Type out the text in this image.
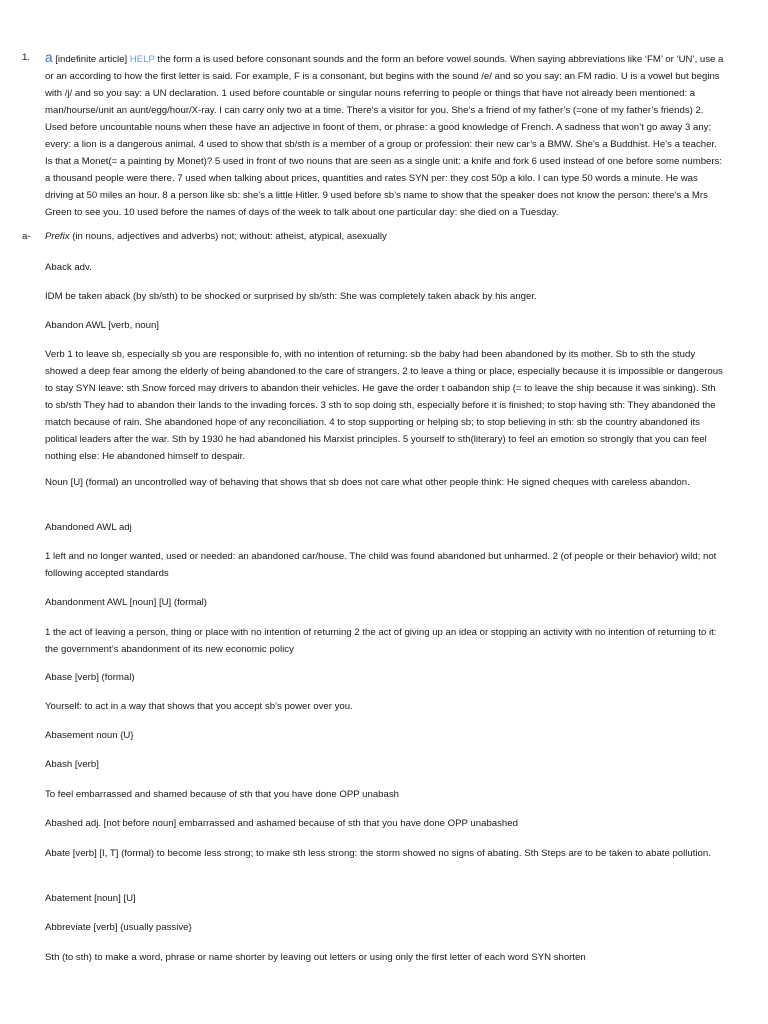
1. a [indefinite article] HELP the form a is used before consonant sounds and the form an before vowel sounds. When saying abbreviations like ‘FM’ or ‘UN’, use a or an according to how the first letter is said. For example, F is a consonant, but begins with the sound /e/ and so you say: an FM radio. U is a vowel but begins with /j/ and so you say: a UN declaration. 1 used before countable or singular nouns referring to people or things that have not already been mentioned: a man/hourse/unit an aunt/egg/hour/X-ray. I can carry only two at a time. There’s a visitor for you. She’s a friend of my father’s (=one of my father’s friends) 2. Used before uncountable nouns when these have an adjective in foont of them, or phrase: a good knowledge of French. A sadness that won’t go away 3 any; every: a lion is a dangerous animal. 4 used to show that sb/sth is a member of a group or profession: their new car’s a BMW. She’s a Buddhist. He’s a teacher. Is that a Monet(= a painting by Monet)? 5 used in front of two nouns that are seen as a single unit: a knife and fork 6 used instead of one before some numbers: a thousand people were there. 7 used when talking about prices, quantities and rates SYN per: they cost 50p a kilo. I can type 50 words a minute. He was driving at 50 miles an hour. 8 a person like sb: she’s a little Hitler. 9 used before sb’s name to show that the speaker does not know the person: there’s a Mrs Green to see you. 10 used before the names of days of the week to talk about one particular day: she died on a Tuesday.
a- Prefix (in nouns, adjectives and adverbs) not; without: atheist, atypical, asexually

Aback adv.

IDM be taken aback (by sb/sth) to be shocked or surprised by sb/sth: She was completely taken aback by his anger.

Abandon AWL [verb, noun]

Verb 1 to leave sb, especially sb you are responsible fo, with no intention of returning: sb the baby had been abandoned by its mother. Sb to sth the study showed a deep fear among the elderly of being abandoned to the care of strangers. 2 to leave a thing or place, especially because it is impossible or dangerous to stay SYN leave: sth Snow forced may drivers to abandon their vehicles. He gave the order t oabandon ship (= to leave the ship because it was sinking). Sth to sb/sth They had to abandon their lands to the invading forces. 3 sth to sop doing sth, especially before it is finished; to stop having sth: They abandoned the match because of rain. She abandoned hope of any reconciliation. 4 to stop supporting or helping sb; to stop believing in sth: sb the country abandoned its political leaders after the war. Sth by 1930 he had abandoned his Marxist principles. 5 yourself to sth(literary) to feel an emotion so strongly that you can feel nothing else: He abandoned himself to despair.

Noun [U] (formal) an uncontrolled way of behaving that shows that sb does not care what other people think: He signed cheques with careless abandon.

Abandoned AWL adj

1 left and no longer wanted, used or needed: an abandoned car/house. The child was found abandoned but unharmed. 2 (of people or their behavior) wild; not following accepted standards

Abandonment AWL [noun] [U] (formal)

1 the act of leaving a person, thing or place with no intention of returning 2 the act of giving up an idea or stopping an activity with no intention of returning to it: the government’s abandonment of its new economic policy

Abase [verb] (formal)

Yourself: to act in a way that shows that you accept sb’s power over you.

Abasement noun {U}

Abash [verb]

To feel embarrassed and shamed because of sth that you have done OPP unabash

Abashed adj. [not before noun] embarrassed and ashamed because of sth that you have done OPP unabashed

Abate [verb] [I, T] (formal) to become less strong; to make sth less strong: the storm showed no signs of abating. Sth Steps are to be taken to abate pollution.

Abatement [noun] [U]

Abbreviate [verb] {usually passive}

Sth (to sth) to make a word, phrase or name shorter by leaving out letters or using only the first letter of each word SYN shorten
